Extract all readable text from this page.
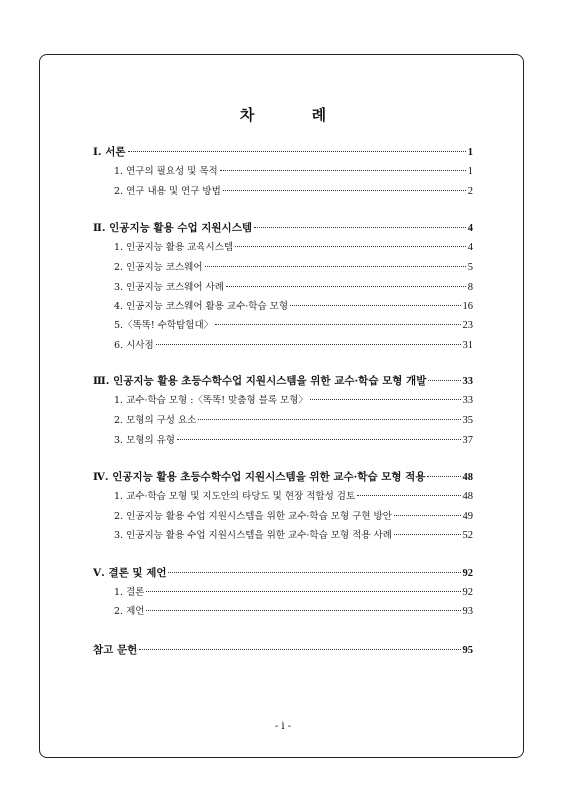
차 례
Ⅰ. 서론	1
1. 연구의 필요성 및 목적	1
2. 연구 내용 및 연구 방법	2
Ⅱ. 인공지능 활용 수업 지원시스템	4
1. 인공지능 활용 교육시스템	4
2. 인공지능 코스웨어	5
3. 인공지능 코스웨어 사례	8
4. 인공지능 코스웨어 활용 교수·학습 모형	16
5.〈똑똑! 수학탐험대〉	23
6. 시사점	31
Ⅲ. 인공지능 활용 초등수학수업 지원시스템을 위한 교수·학습 모형 개발	33
1. 교수·학습 모형 :〈똑똑! 맞춤형 블록 모형〉	33
2. 모형의 구성 요소	35
3. 모형의 유형	37
Ⅳ. 인공지능 활용 초등수학수업 지원시스템을 위한 교수·학습 모형 적용	48
1. 교수·학습 모형 및 지도안의 타당도 및 현장 적합성 검토	48
2. 인공지능 활용 수업 지원시스템을 위한 교수·학습 모형 구현 방안	49
3. 인공지능 활용 수업 지원시스템을 위한 교수·학습 모형 적용 사례	52
Ⅴ. 결론 및 제언	92
1. 결론	92
2. 제언	93
참고 문헌	95
- i -
